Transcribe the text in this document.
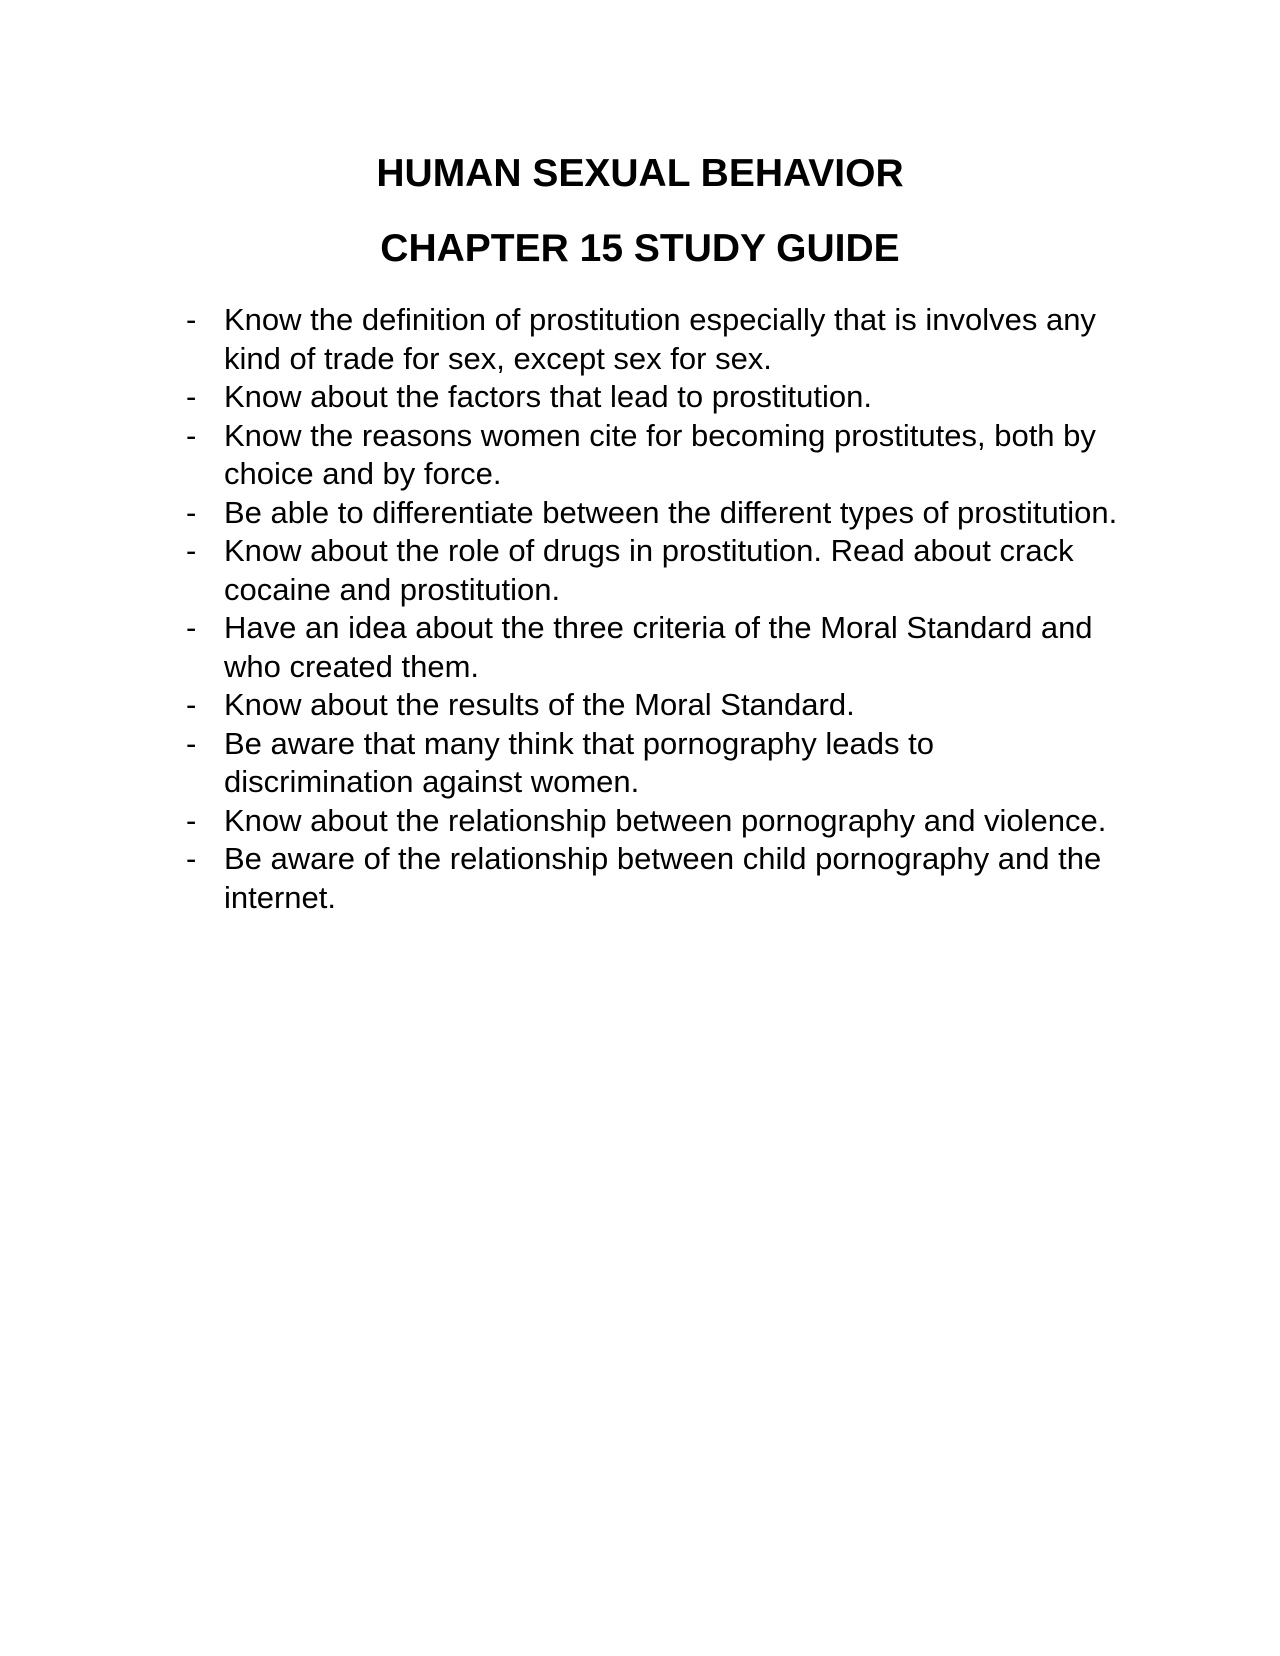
HUMAN SEXUAL BEHAVIOR
CHAPTER 15 STUDY GUIDE
- Know the definition of prostitution especially that is involves any kind of trade for sex, except sex for sex.
- Know about the factors that lead to prostitution.
- Know the reasons women cite for becoming prostitutes, both by choice and by force.
- Be able to differentiate between the different types of prostitution.
- Know about the role of drugs in prostitution. Read about crack cocaine and prostitution.
- Have an idea about the three criteria of the Moral Standard and who created them.
- Know about the results of the Moral Standard.
- Be aware that many think that pornography leads to discrimination against women.
- Know about the relationship between pornography and violence.
- Be aware of the relationship between child pornography and the internet.
